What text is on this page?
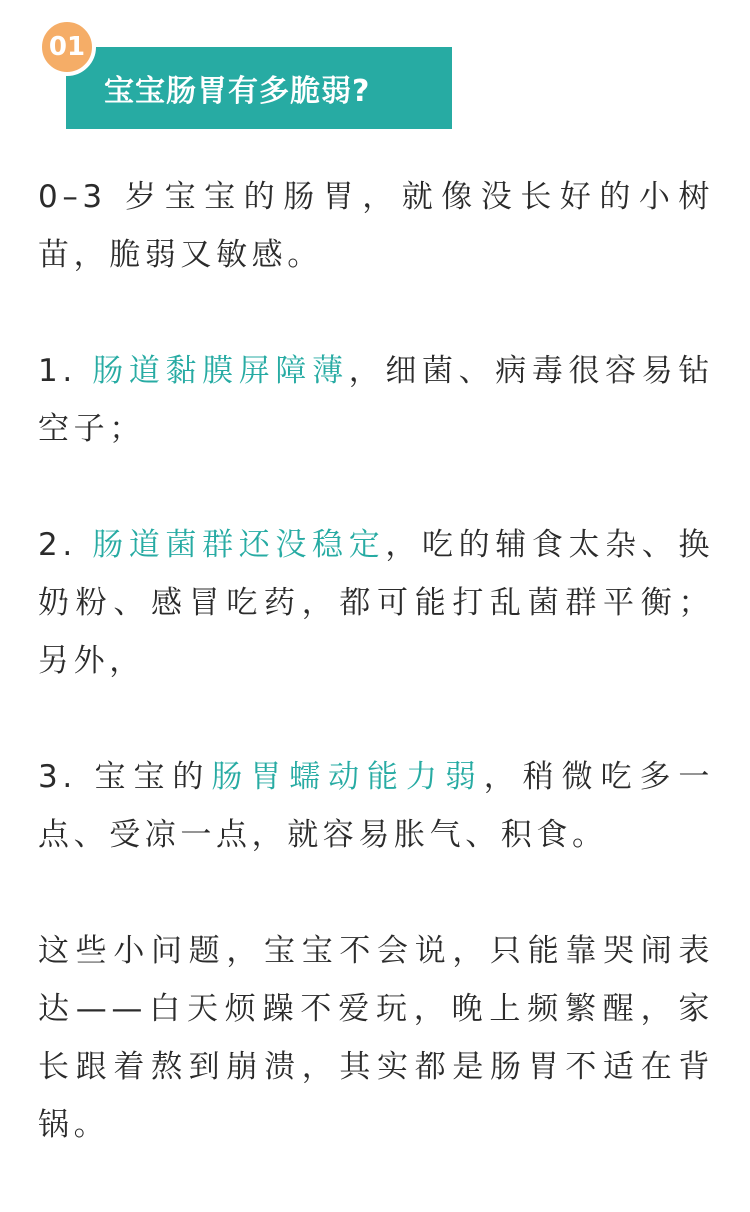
宝宝肠胃有多脆弱?
01

0–3 岁宝宝的肠胃，就像没长好的小树苗，脆弱又敏感。

1. 肠道黏膜屏障薄，细菌、病毒很容易钻空子；

2. 肠道菌群还没稳定，吃的辅食太杂、换奶粉、感冒吃药，都可能打乱菌群平衡；另外，

3. 宝宝的肠胃蠕动能力弱，稍微吃多一点、受凉一点，就容易胀气、积食。

这些小问题，宝宝不会说，只能靠哭闹表达——白天烦躁不爱玩，晚上频繁醒，家长跟着熬到崩溃，其实都是肠胃不适在背锅。
